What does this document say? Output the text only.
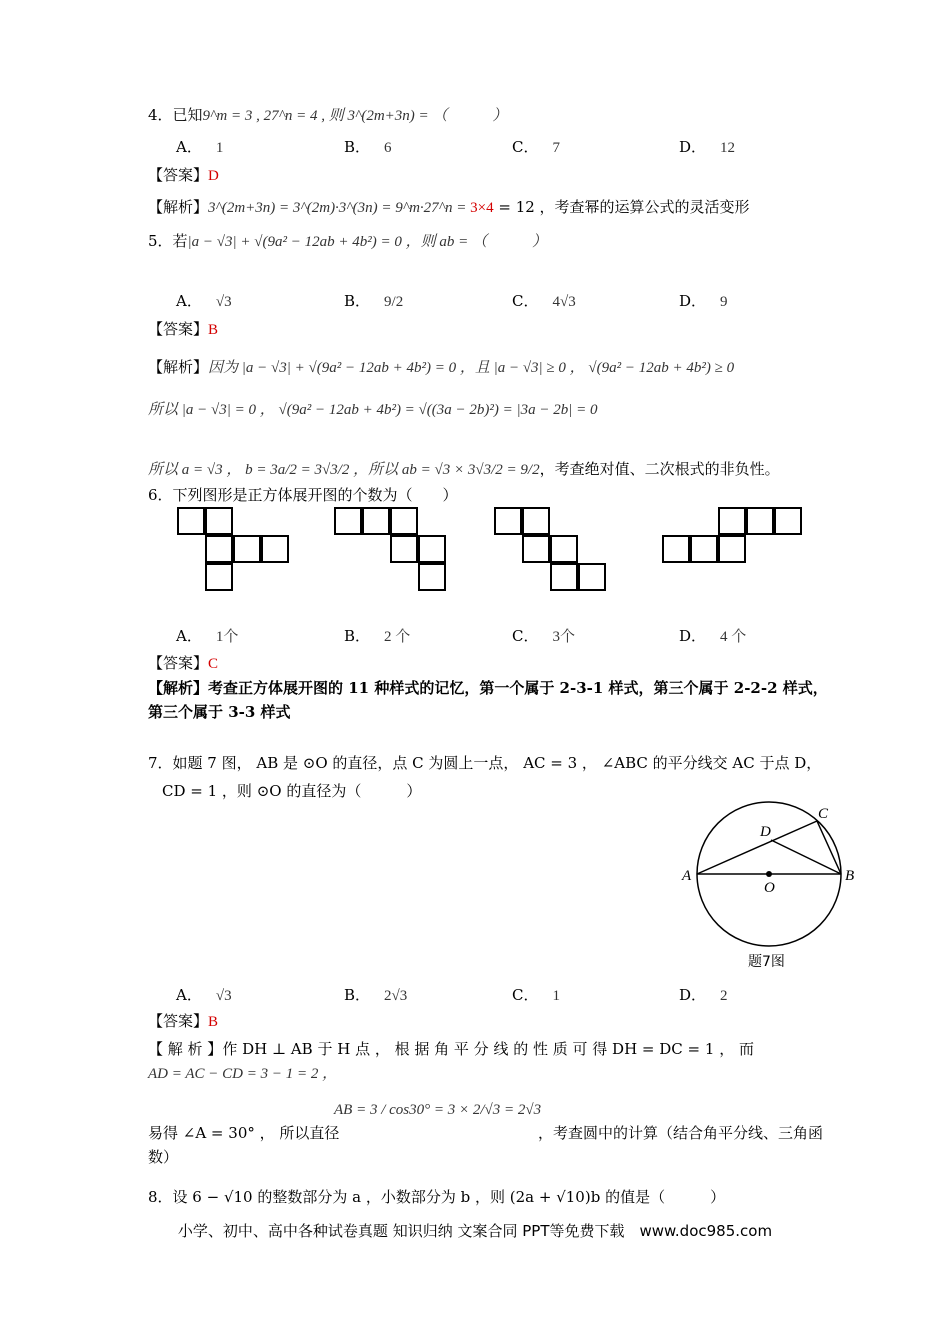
4．已知9^m = 3 , 27^n = 4 , 则 3^(2m+3n) = （　　　）
A． 1	B． 6	C． 7	D． 12
【答案】D
【解析】3^(2m+3n) = 3^(2m)·3^(3n) = 9^m·27^n = 3×4 = 12 ，考查幂的运算公式的灵活变形
5．若|a − √3| + √(9a² − 12ab + 4b²) = 0 ，则 ab = （　　　）
A． √3	B． 9/2	C． 4√3	D． 9
【答案】B
【解析】因为 |a − √3| + √(9a² − 12ab + 4b²) = 0 ，且 |a − √3| ≥ 0 ， √(9a² − 12ab + 4b²) ≥ 0
所以 |a − √3| = 0 ， √(9a² − 12ab + 4b²) = √((3a − 2b)²) = |3a − 2b| = 0
所以 a = √3 ， b = 3a/2 = 3√3/2 ，所以 ab = √3 × 3√3/2 = 9/2，考查绝对值、二次根式的非负性。
6．下列图形是正方体展开图的个数为（　　）
A． 1个	B． 2 个	C． 3个	D． 4 个
【答案】C
【解析】考查正方体展开图的 11 种样式的记忆，第一个属于 2-3-1 样式，第三个属于 2-2-2 样式，
第三个属于 3-3 样式
7．如题 7 图， AB 是 ⊙O 的直径，点 C 为圆上一点， AC = 3 ， ∠ABC 的平分线交 AC 于点 D，
CD = 1 ，则 ⊙O 的直径为（　　　）
A	B
C
D
O
题7图
A． √3	B． 2√3	C． 1	D． 2
【答案】B
【 解 析 】作 DH ⊥ AB 于 H 点 ， 根 据 角 平 分 线 的 性 质 可 得 DH = DC = 1 ， 而
AD = AC − CD = 3 − 1 = 2 ，
易得 ∠A = 30° ， 所以直径
AB = 3 / cos30° = 3 × 2/√3 = 2√3
，考查圆中的计算（结合角平分线、三角函
数）
8．设 6 − √10 的整数部分为 a ，小数部分为 b ，则 (2a + √10)b 的值是（　　　）
小学、初中、高中各种试卷真题 知识归纳 文案合同 PPT等免费下载　www.doc985.com
